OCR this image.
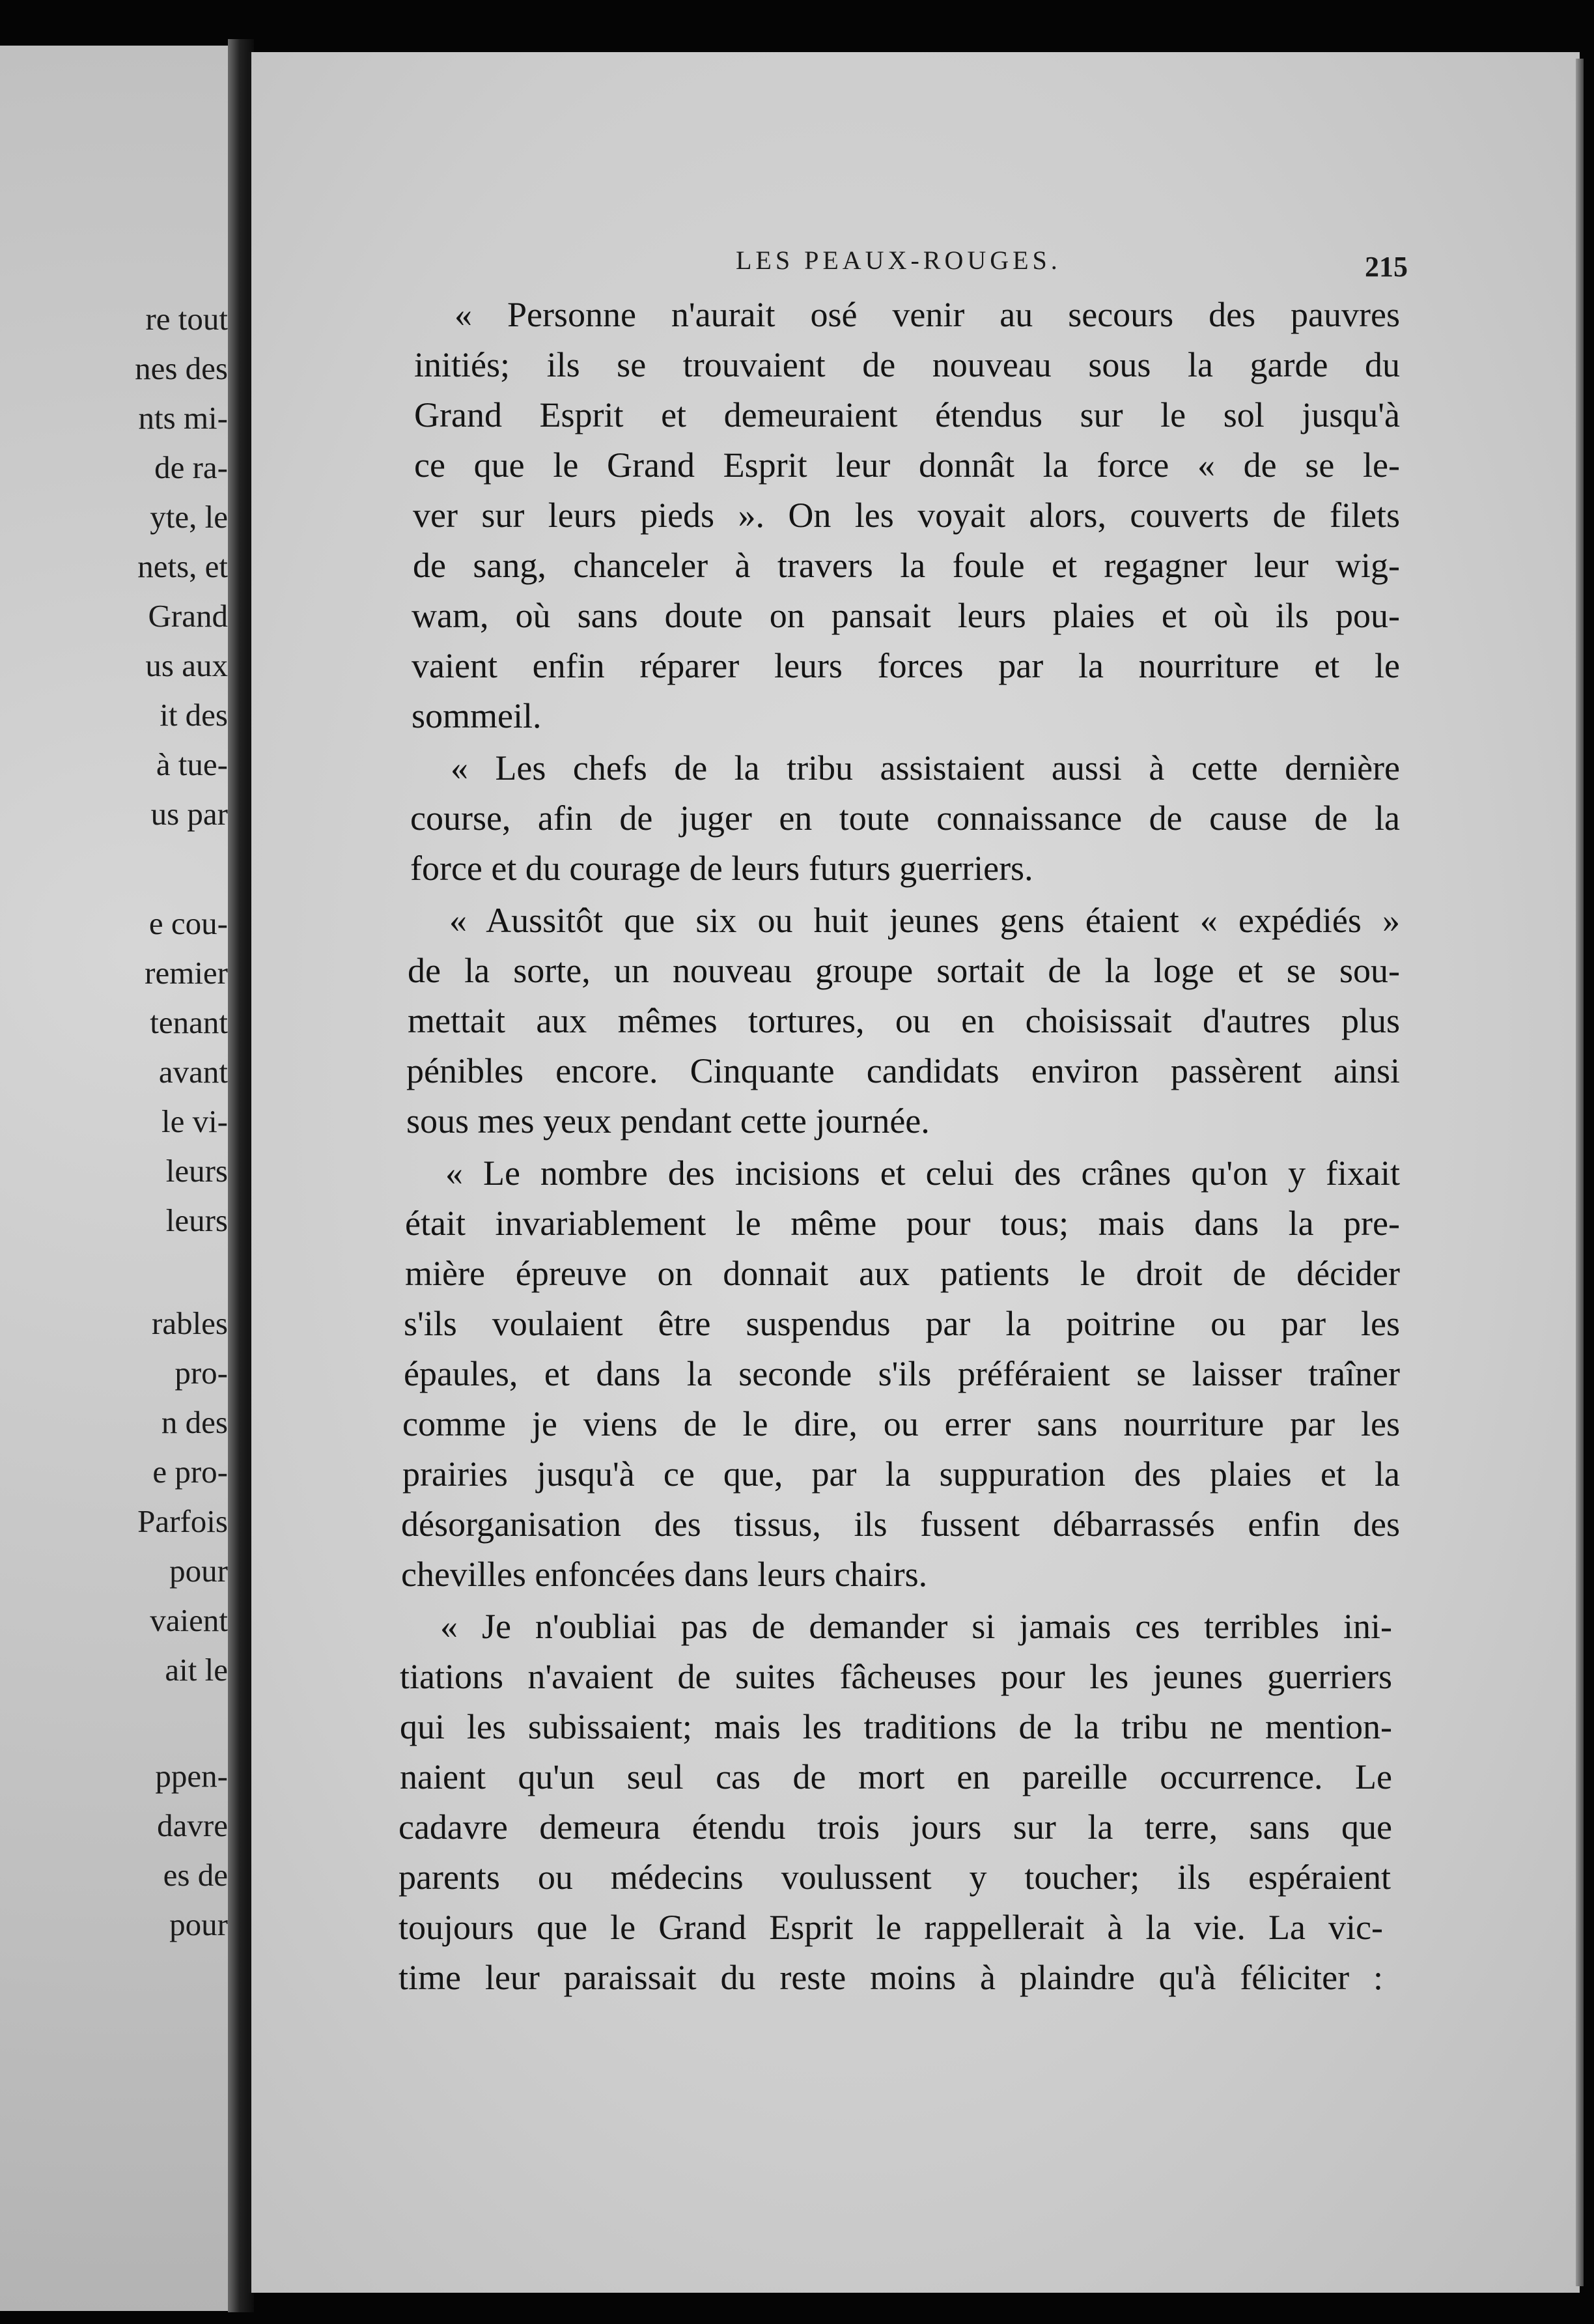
re tout
nes des
nts mi-
de ra-
yte, le
nets, et
Grand
us aux
it des
à tue-
us par
e cou-
remier
tenant
avant
le vi-
leurs
leurs
rables
pro-
n des
e pro-
Parfois
pour
vaient
ait le
ppen-
davre
es de
pour
LES PEAUX-ROUGES.	215
« Personne n'aurait osé venir au secours des pauvres
initiés; ils se trouvaient de nouveau sous la garde du
Grand Esprit et demeuraient étendus sur le sol jusqu'à
ce que le Grand Esprit leur donnât la force « de se le-
ver sur leurs pieds ». On les voyait alors, couverts de filets
de sang, chanceler à travers la foule et regagner leur wig-
wam, où sans doute on pansait leurs plaies et où ils pou-
vaient enfin réparer leurs forces par la nourriture et le
sommeil.
« Les chefs de la tribu assistaient aussi à cette dernière
course, afin de juger en toute connaissance de cause de la
force et du courage de leurs futurs guerriers.
« Aussitôt que six ou huit jeunes gens étaient « expédiés »
de la sorte, un nouveau groupe sortait de la loge et se sou-
mettait aux mêmes tortures, ou en choisissait d'autres plus
pénibles encore. Cinquante candidats environ passèrent ainsi
sous mes yeux pendant cette journée.
« Le nombre des incisions et celui des crânes qu'on y fixait
était invariablement le même pour tous; mais dans la pre-
mière épreuve on donnait aux patients le droit de décider
s'ils voulaient être suspendus par la poitrine ou par les
épaules, et dans la seconde s'ils préféraient se laisser traîner
comme je viens de le dire, ou errer sans nourriture par les
prairies jusqu'à ce que, par la suppuration des plaies et la
désorganisation des tissus, ils fussent débarrassés enfin des
chevilles enfoncées dans leurs chairs.
« Je n'oubliai pas de demander si jamais ces terribles ini-
tiations n'avaient de suites fâcheuses pour les jeunes guerriers
qui les subissaient; mais les traditions de la tribu ne mention-
naient qu'un seul cas de mort en pareille occurrence. Le
cadavre demeura étendu trois jours sur la terre, sans que
parents ou médecins voulussent y toucher; ils espéraient
toujours que le Grand Esprit le rappellerait à la vie. La vic-
time leur paraissait du reste moins à plaindre qu'à féliciter :
